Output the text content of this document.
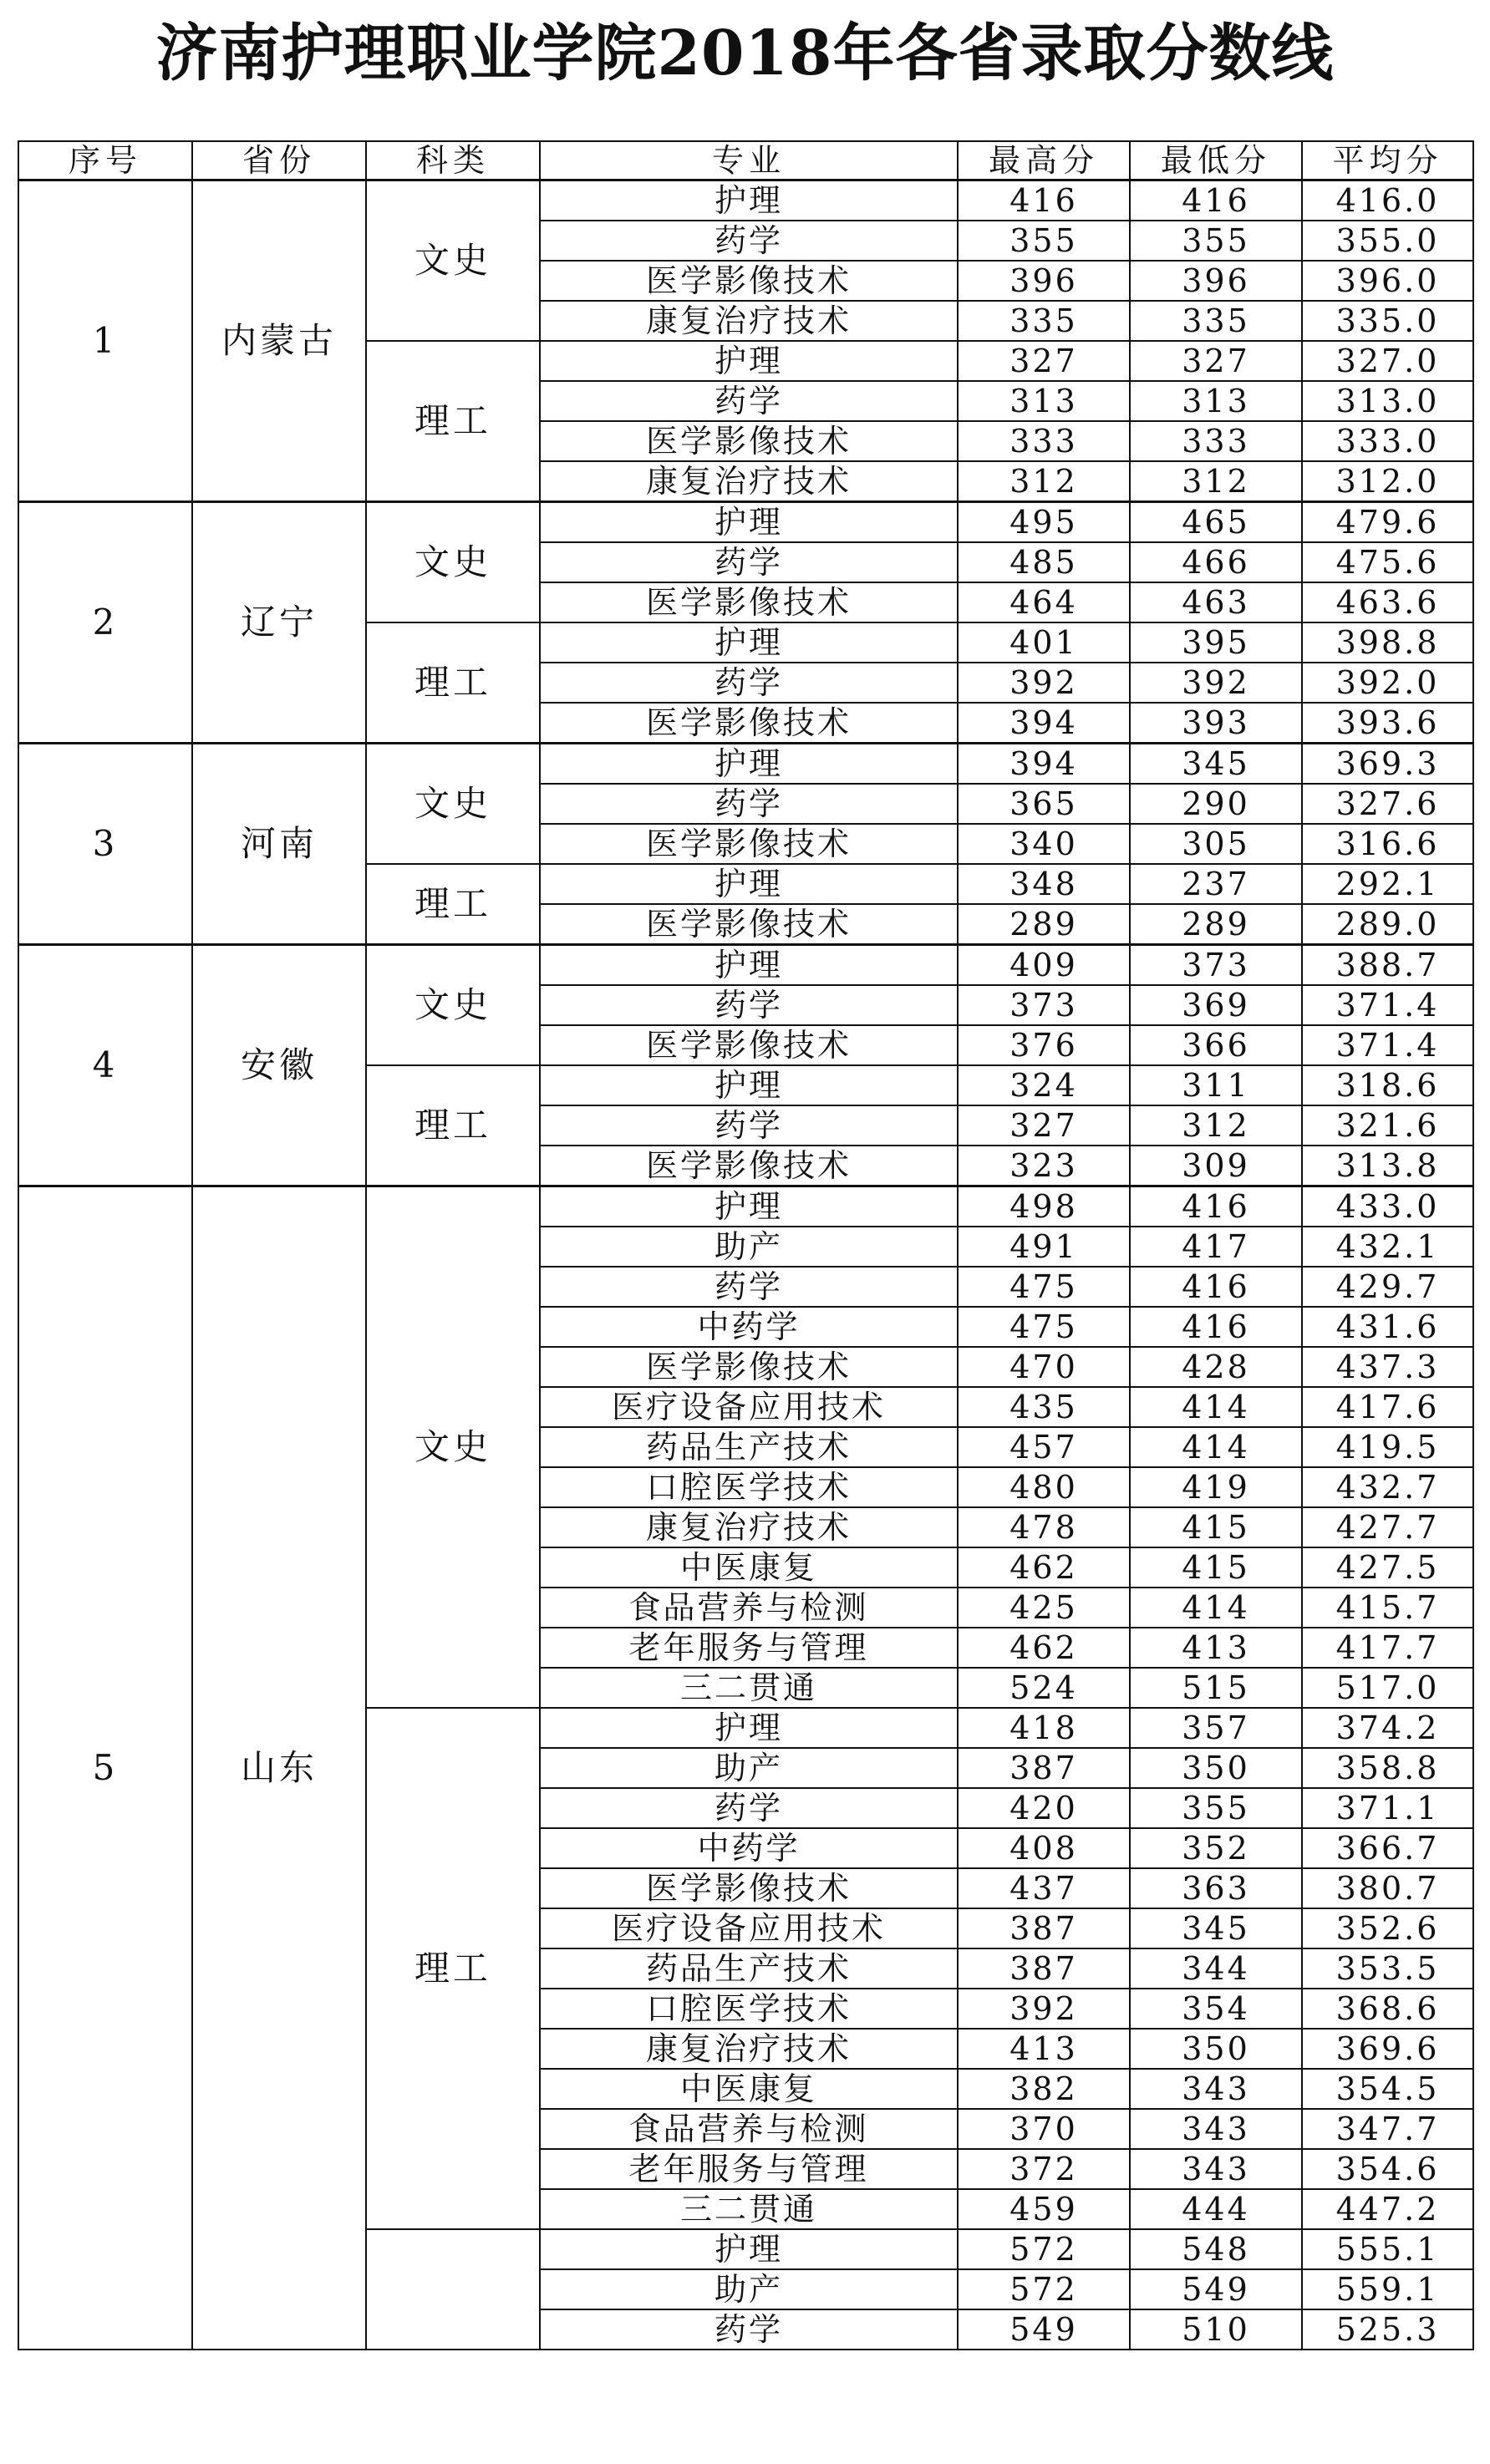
济南护理职业学院2018年各省录取分数线
序号	省份	科类	专业	最高分	最低分	平均分
1	内蒙古	文史	护理	416	416	416.0
			药学	355	355	355.0
			医学影像技术	396	396	396.0
			康复治疗技术	335	335	335.0
		理工	护理	327	327	327.0
			药学	313	313	313.0
			医学影像技术	333	333	333.0
			康复治疗技术	312	312	312.0
2	辽宁	文史	护理	495	465	479.6
			药学	485	466	475.6
			医学影像技术	464	463	463.6
		理工	护理	401	395	398.8
			药学	392	392	392.0
			医学影像技术	394	393	393.6
3	河南	文史	护理	394	345	369.3
			药学	365	290	327.6
			医学影像技术	340	305	316.6
		理工	护理	348	237	292.1
			医学影像技术	289	289	289.0
4	安徽	文史	护理	409	373	388.7
			药学	373	369	371.4
			医学影像技术	376	366	371.4
		理工	护理	324	311	318.6
			药学	327	312	321.6
			医学影像技术	323	309	313.8
5	山东	文史	护理	498	416	433.0
			助产	491	417	432.1
			药学	475	416	429.7
			中药学	475	416	431.6
			医学影像技术	470	428	437.3
			医疗设备应用技术	435	414	417.6
			药品生产技术	457	414	419.5
			口腔医学技术	480	419	432.7
			康复治疗技术	478	415	427.7
			中医康复	462	415	427.5
			食品营养与检测	425	414	415.7
			老年服务与管理	462	413	417.7
			三二贯通	524	515	517.0
		理工	护理	418	357	374.2
			助产	387	350	358.8
			药学	420	355	371.1
			中药学	408	352	366.7
			医学影像技术	437	363	380.7
			医疗设备应用技术	387	345	352.6
			药品生产技术	387	344	353.5
			口腔医学技术	392	354	368.6
			康复治疗技术	413	350	369.6
			中医康复	382	343	354.5
			食品营养与检测	370	343	347.7
			老年服务与管理	372	343	354.6
			三二贯通	459	444	447.2
			护理	572	548	555.1
			助产	572	549	559.1
			药学	549	510	525.3
